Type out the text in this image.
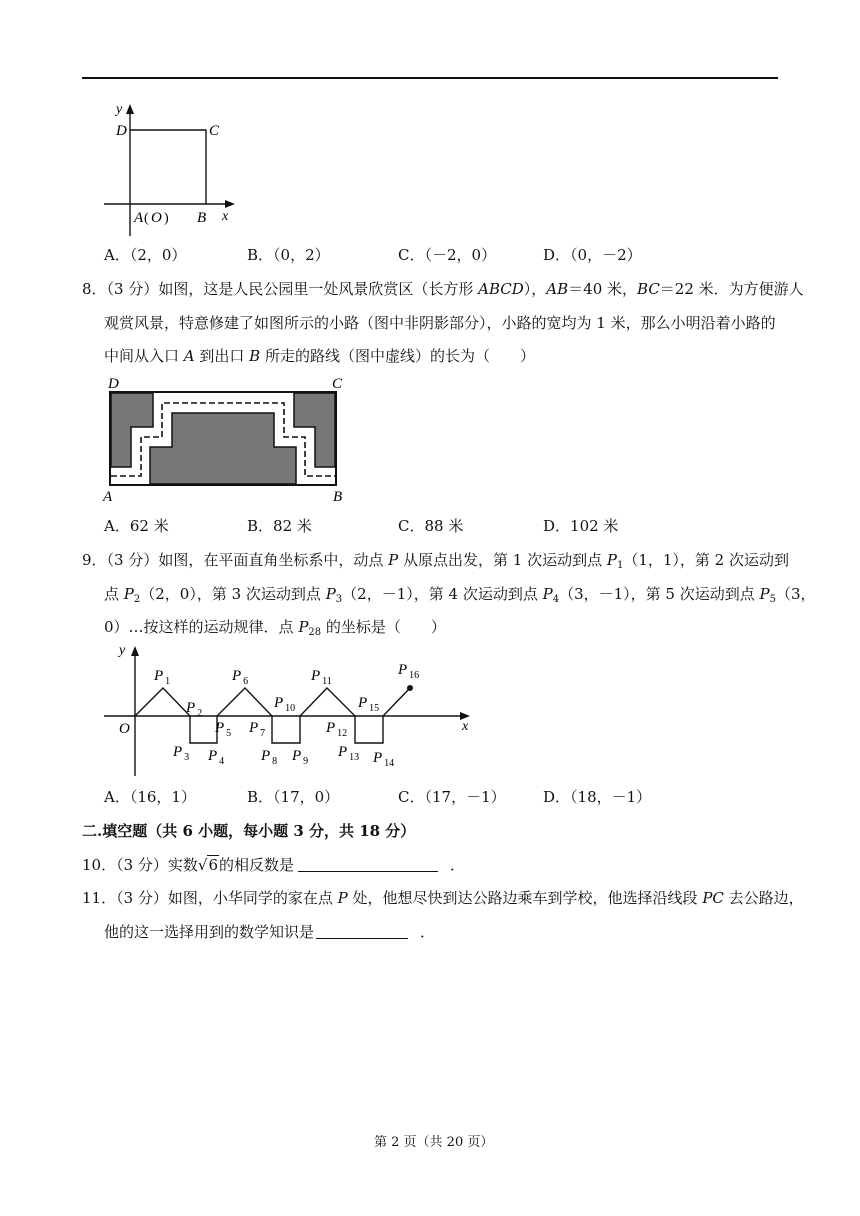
y
D	C
A ( O ) B x
A．（2，0）	B．（0，2）	C．（－2，0）	D．（0，－2）
8．（3 分）如图，这是人民公园里一处风景欣赏区（长方形 ABCD），AB＝40 米，BC＝22 米．为方便游人
观赏风景，特意修建了如图所示的小路（图中非阴影部分），小路的宽均为 1 米，那么小明沿着小路的
中间从入口 A 到出口 B 所走的路线（图中虚线）的长为（　　）
D	C
A	B
A．62 米	B．82 米	C．88 米	D．102 米
9．（3 分）如图，在平面直角坐标系中，动点 P 从原点出发，第 1 次运动到点 $P_1(1$，1），第 2 次运动到
点 $P_2(2$，0），第 3 次运动到点 $P_3(2$，－1），第 4 次运动到点 $P_4(3$，－1），第 5 次运动到点 $P_5(3$，
0）…按这样的运动规律．点 $P_{28}$ 的坐标是（　　）
y
x
O
P $_1$
P $_2$
P $_3$ P $_4$
P $_5$
P $_6$
P $_7$
P $_8$ P $_9$
P $_{10}$
P $_{11}$
P $_{12}$
P $_{13}$ P $_{14}$
P $_{15}$
P $_{16}$
A．（16，1）	B．（17，0）	C．（17，－1） D．（18，－1）
二.填空题（共 6 小题，每小题 3 分，共 18 分）
10．（3 分）实数√6的相反数是	．
11．（3 分）如图，小华同学的家在点 P 处，他想尽快到达公路边乘车到学校，他选择沿线段 PC 去公路边，
他的这一选择用到的数学知识是	．
第 2 页（共 20 页）
